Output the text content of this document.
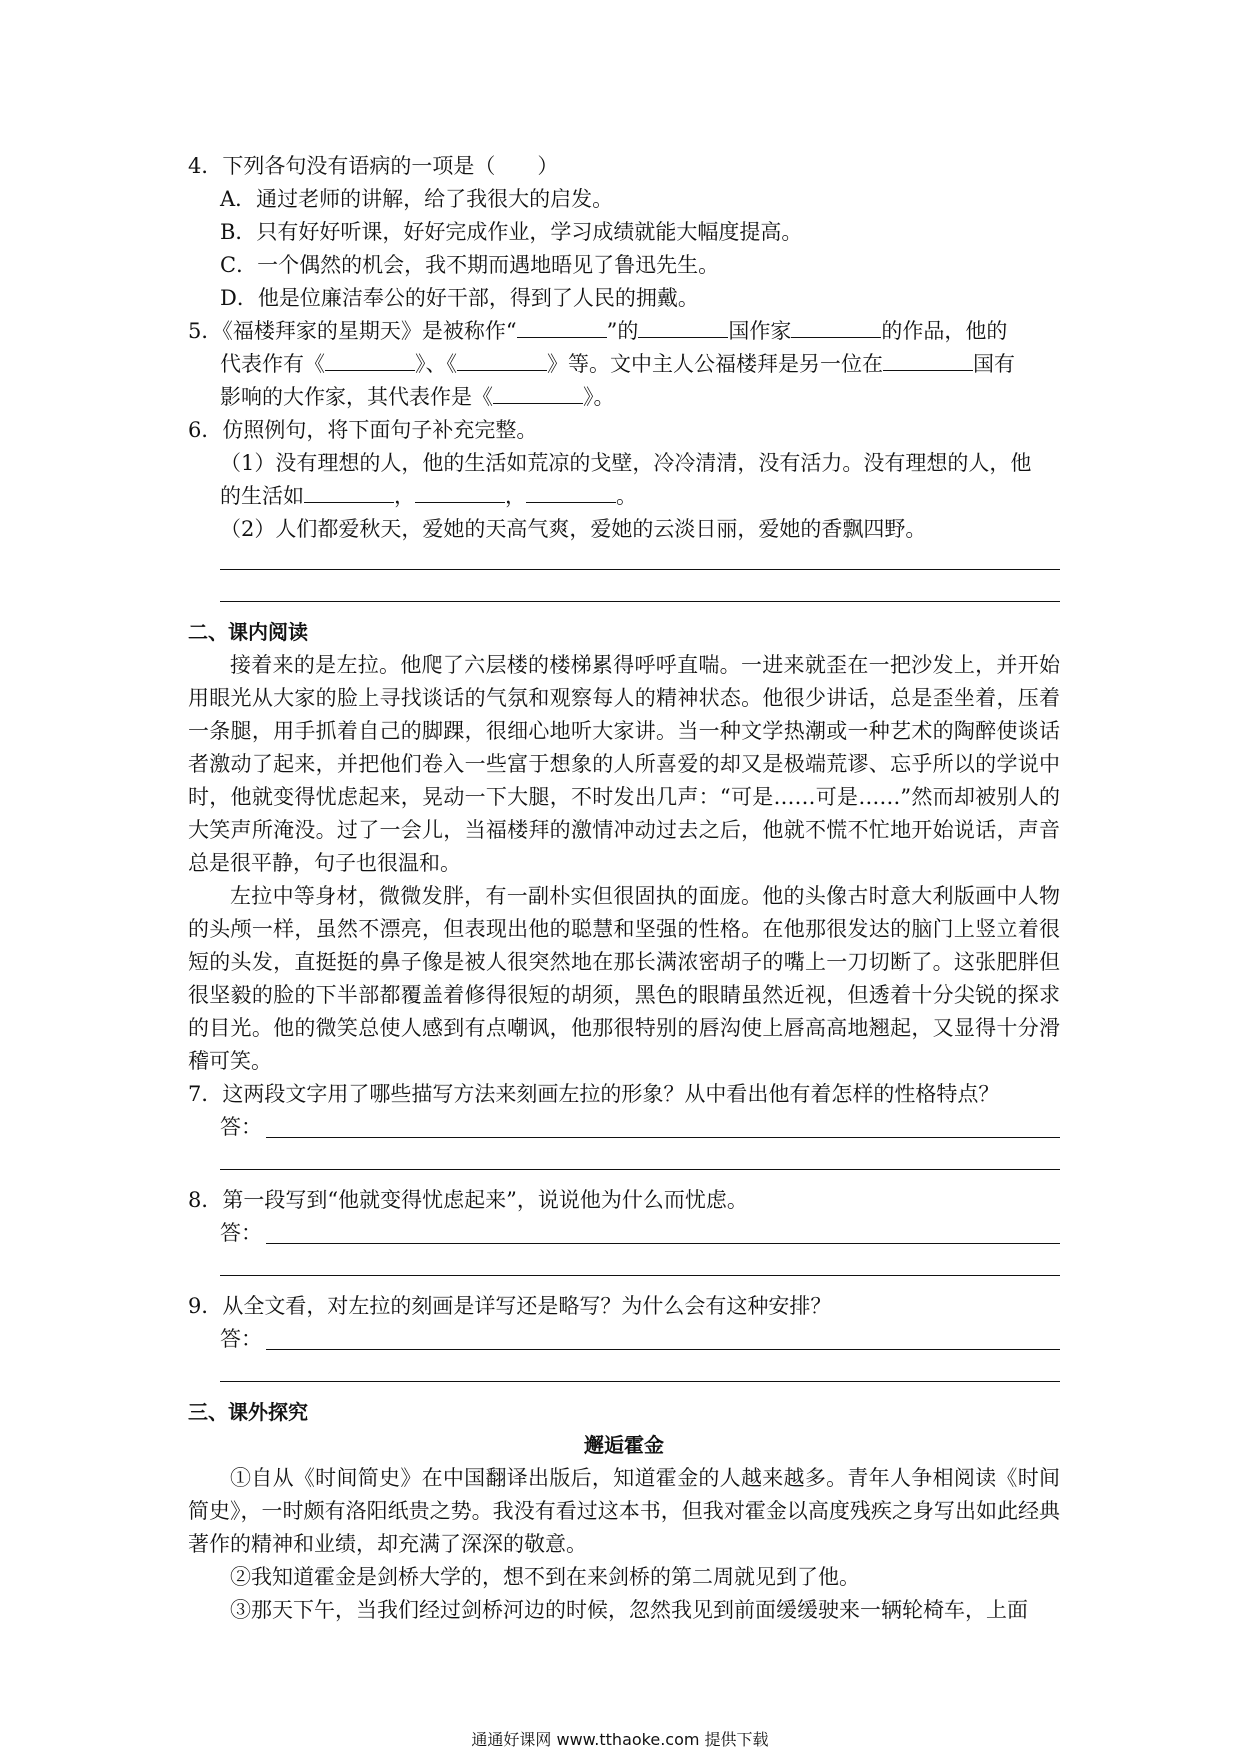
4．下列各句没有语病的一项是（　　）
A．通过老师的讲解，给了我很大的启发。
B．只有好好听课，好好完成作业，学习成绩就能大幅度提高。
C．一个偶然的机会，我不期而遇地晤见了鲁迅先生。
D．他是位廉洁奉公的好干部，得到了人民的拥戴。
5．《福楼拜家的星期天》是被称作“	”的	国作家	的作品，他的
代表作有《	》、《	》等。文中主人公福楼拜是另一位在	国有
影响的大作家，其代表作是《	》。
6．仿照例句，将下面句子补充完整。
（1）没有理想的人，他的生活如荒凉的戈壁，冷冷清清，没有活力。没有理想的人，他
的生活如	，	，	。
（2）人们都爱秋天，爱她的天高气爽，爱她的云淡日丽，爱她的香飘四野。
二、课内阅读
接着来的是左拉。他爬了六层楼的楼梯累得呼呼直喘。一进来就歪在一把沙发上，并开始用眼光从大家的脸上寻找谈话的气氛和观察每人的精神状态。他很少讲话，总是歪坐着，压着一条腿，用手抓着自己的脚踝，很细心地听大家讲。当一种文学热潮或一种艺术的陶醉使谈话者激动了起来，并把他们卷入一些富于想象的人所喜爱的却又是极端荒谬、忘乎所以的学说中时，他就变得忧虑起来，晃动一下大腿，不时发出几声：“可是……可是……”然而却被别人的大笑声所淹没。过了一会儿，当福楼拜的激情冲动过去之后，他就不慌不忙地开始说话，声音总是很平静，句子也很温和。
左拉中等身材，微微发胖，有一副朴实但很固执的面庞。他的头像古时意大利版画中人物的头颅一样，虽然不漂亮，但表现出他的聪慧和坚强的性格。在他那很发达的脑门上竖立着很短的头发，直挺挺的鼻子像是被人很突然地在那长满浓密胡子的嘴上一刀切断了。这张肥胖但很坚毅的脸的下半部都覆盖着修得很短的胡须，黑色的眼睛虽然近视，但透着十分尖锐的探求的目光。他的微笑总使人感到有点嘲讽，他那很特别的唇沟使上唇高高地翘起，又显得十分滑稽可笑。
7．这两段文字用了哪些描写方法来刻画左拉的形象？从中看出他有着怎样的性格特点？
答：
8．第一段写到“他就变得忧虑起来”，说说他为什么而忧虑。
答：
9．从全文看，对左拉的刻画是详写还是略写？为什么会有这种安排？
答：
三、课外探究
邂逅霍金
①自从《时间简史》在中国翻译出版后，知道霍金的人越来越多。青年人争相阅读《时间简史》，一时颇有洛阳纸贵之势。我没有看过这本书，但我对霍金以高度残疾之身写出如此经典著作的精神和业绩，却充满了深深的敬意。
②我知道霍金是剑桥大学的，想不到在来剑桥的第二周就见到了他。
③那天下午，当我们经过剑桥河边的时候，忽然我见到前面缓缓驶来一辆轮椅车，上面
通通好课网 www.tthaoke.com 提供下载
